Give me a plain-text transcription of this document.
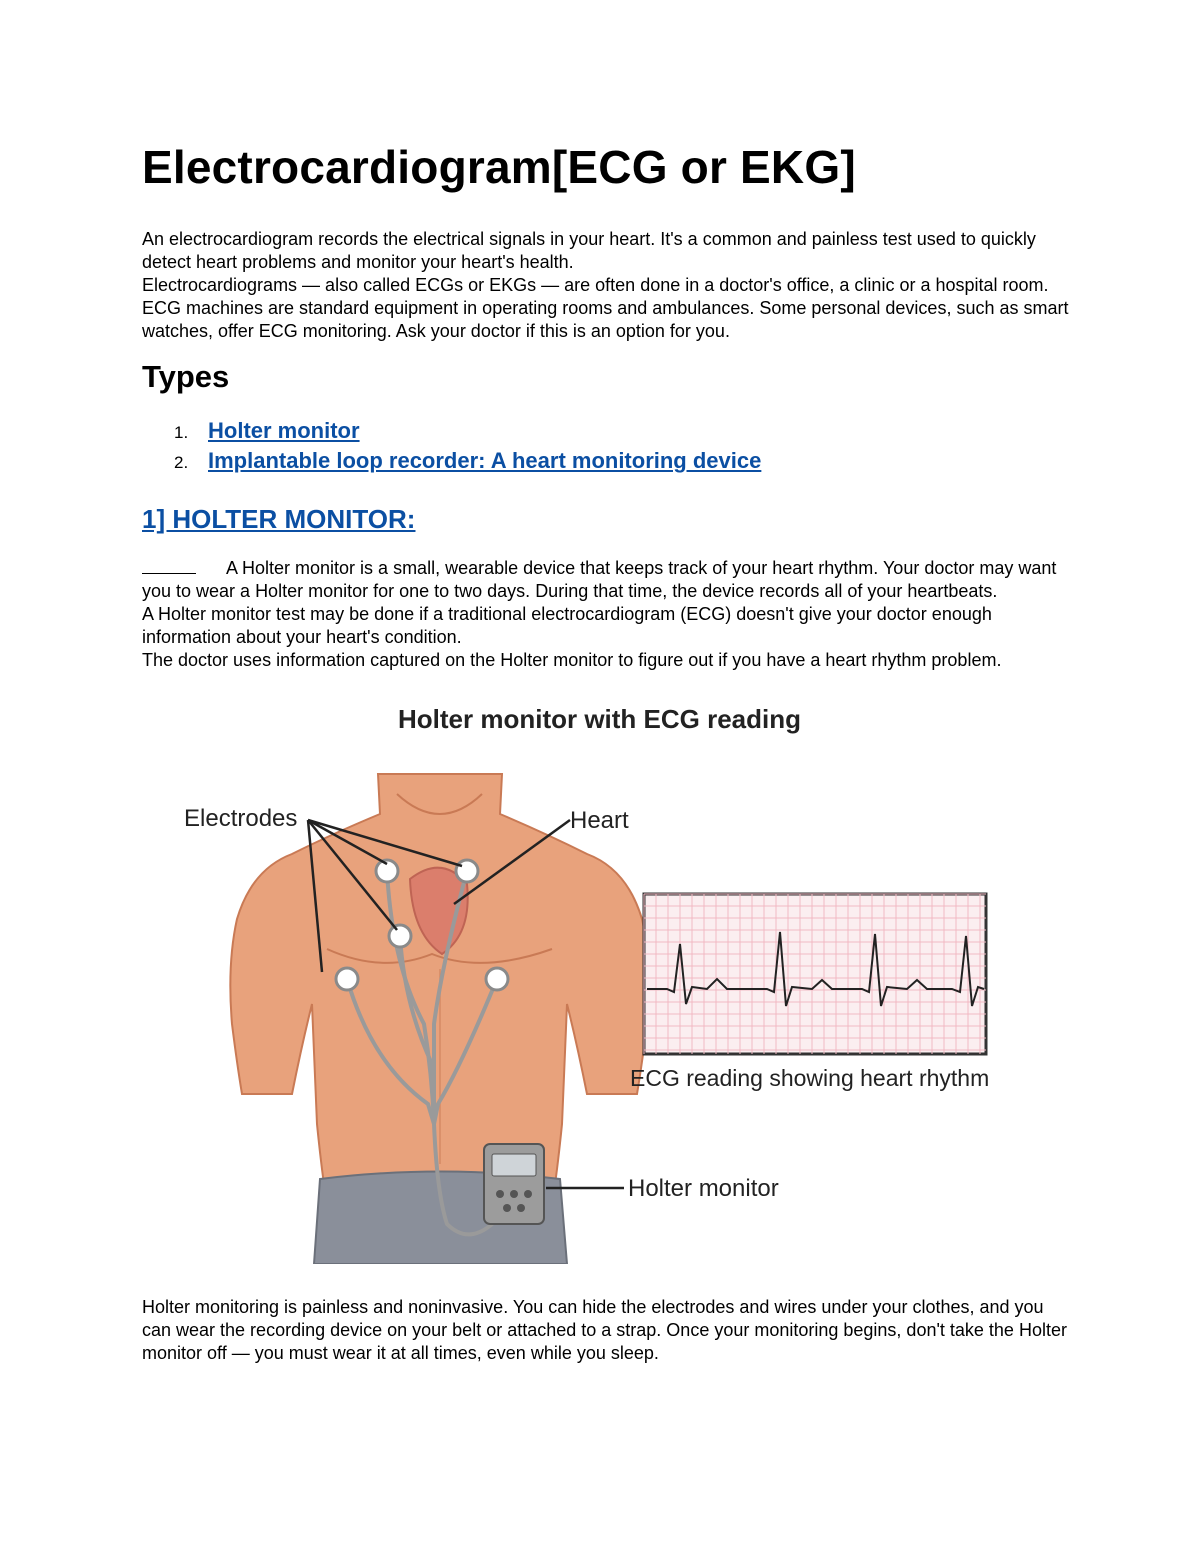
Electrocardiogram[ECG or EKG]

An electrocardiogram records the electrical signals in your heart. It's a common and painless test used to quickly detect heart problems and monitor your heart's health.

Electrocardiograms — also called ECGs or EKGs — are often done in a doctor's office, a clinic or a hospital room. ECG machines are standard equipment in operating rooms and ambulances. Some personal devices, such as smart watches, offer ECG monitoring. Ask your doctor if this is an option for you.

Types
1. Holter monitor
2. Implantable loop recorder: A heart monitoring device
1] HOLTER MONITOR:

A Holter monitor is a small, wearable device that keeps track of your heart rhythm. Your doctor may want you to wear a Holter monitor for one to two days. During that time, the device records all of your heartbeats.

A Holter monitor test may be done if a traditional electrocardiogram (ECG) doesn't give your doctor enough information about your heart's condition.

The doctor uses information captured on the Holter monitor to figure out if you have a heart rhythm problem.

Holter monitor with ECG reading
Electrodes	Heart
Holter monitor
ECG reading showing heart rhythm

Holter monitoring is painless and noninvasive. You can hide the electrodes and wires under your clothes, and you can wear the recording device on your belt or attached to a strap. Once your monitoring begins, don't take the Holter monitor off — you must wear it at all times, even while you sleep.
